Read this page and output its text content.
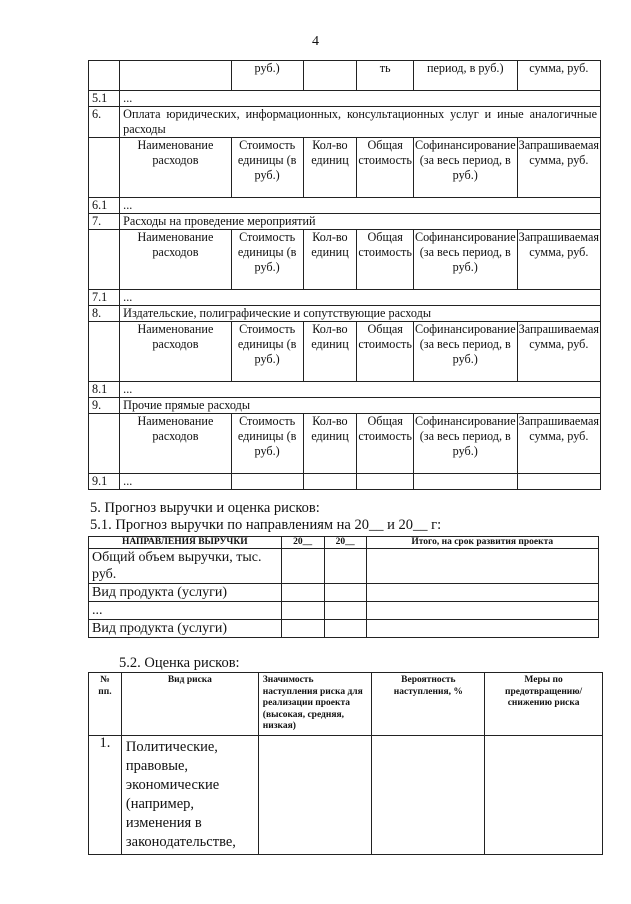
4
		руб.)		ть	период, в руб.)	сумма, руб.
5.1	...					
6.	Оплата юридических, информационных, консультационных услуг и иные аналогичные расходы					
	Наименование расходов	Стоимость единицы (в руб.)	Кол-во единиц	Общая стоимость	Софинансирование (за весь период, в руб.)	Запрашиваемая сумма, руб.
6.1	...					
7.	Расходы на проведение мероприятий					
	Наименование расходов	Стоимость единицы (в руб.)	Кол-во единиц	Общая стоимость	Софинансирование (за весь период, в руб.)	Запрашиваемая сумма, руб.
7.1	...					
8.	Издательские, полиграфические и сопутствующие расходы					
	Наименование расходов	Стоимость единицы (в руб.)	Кол-во единиц	Общая стоимость	Софинансирование (за весь период, в руб.)	Запрашиваемая сумма, руб.
8.1	...					
9.	Прочие прямые расходы					
	Наименование расходов	Стоимость единицы (в руб.)	Кол-во единиц	Общая стоимость	Софинансирование (за весь период, в руб.)	Запрашиваемая сумма, руб.
9.1	...					
5. Прогноз выручки и оценка рисков:
5.1. Прогноз выручки по направлениям на 20__ и 20__ г:
НАПРАВЛЕНИЯ ВЫРУЧКИ	20__	20__	Итого, на срок развития проекта
Общий объем выручки, тыс. руб.			
Вид продукта (услуги)			
...			
Вид продукта (услуги)			
5.2. Оценка рисков:
№ пп.	Вид риска	Значимость наступления риска для реализации проекта (высокая, средняя, низкая)	Вероятность наступления, %	Меры по предотвращению/ снижению риска
1.	Политические, правовые, экономические (например, изменения в законодательстве,			
